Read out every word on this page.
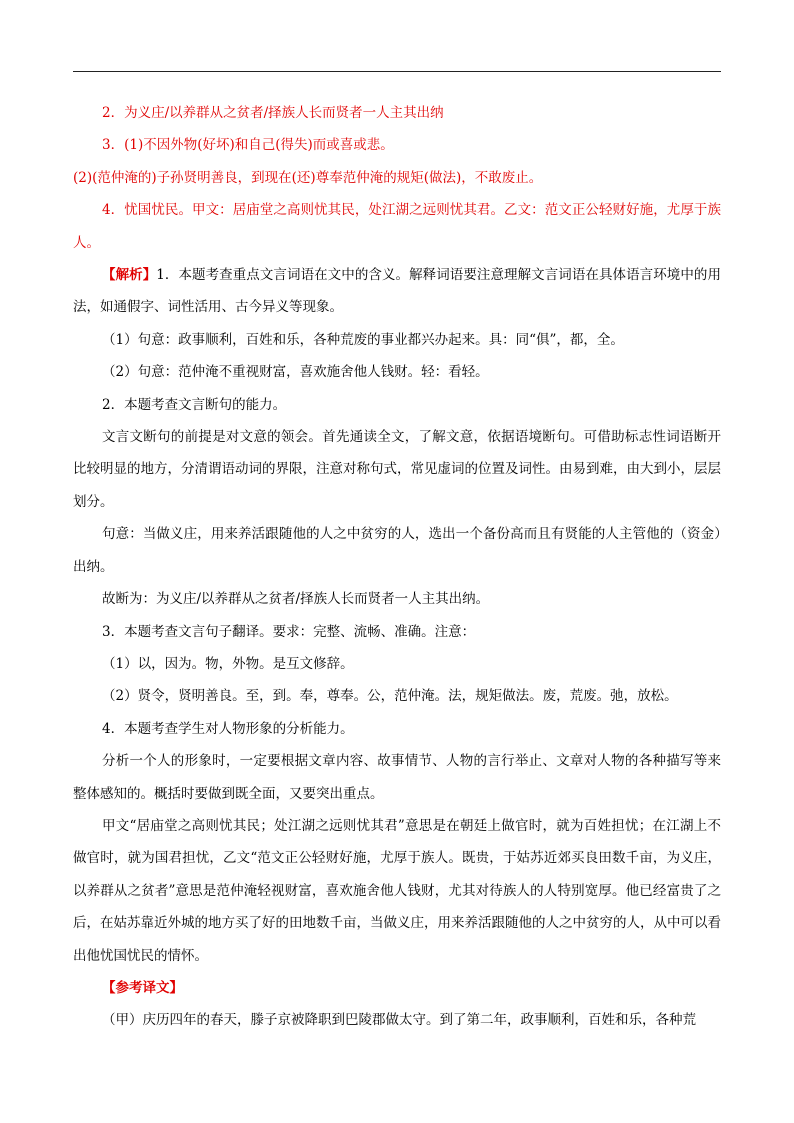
2．为义庄/以养群从之贫者/择族人长而贤者一人主其出纳

3．(1)不因外物(好坏)和自己(得失)而或喜或悲。

(2)(范仲淹的)子孙贤明善良，到现在(还)尊奉范仲淹的规矩(做法)，不敢废止。

4．忧国忧民。甲文：居庙堂之高则忧其民，处江湖之远则忧其君。乙文：范文正公轻财好施，尤厚于族人。

【解析】1．本题考查重点文言词语在文中的含义。解释词语要注意理解文言词语在具体语言环境中的用法，如通假字、词性活用、古今异义等现象。

（1）句意：政事顺利，百姓和乐，各种荒废的事业都兴办起来。具：同“俱”，都，全。

（2）句意：范仲淹不重视财富，喜欢施舍他人钱财。轻：看轻。

2．本题考查文言断句的能力。

文言文断句的前提是对文意的领会。首先通读全文，了解文意，依据语境断句。可借助标志性词语断开比较明显的地方，分清谓语动词的界限，注意对称句式，常见虚词的位置及词性。由易到难，由大到小，层层划分。

句意：当做义庄，用来养活跟随他的人之中贫穷的人，选出一个备份高而且有贤能的人主管他的（资金）出纳。

故断为：为义庄/以养群从之贫者/择族人长而贤者一人主其出纳。

3．本题考查文言句子翻译。要求：完整、流畅、准确。注意：

（1）以，因为。物，外物。是互文修辞。

（2）贤令，贤明善良。至，到。奉，尊奉。公，范仲淹。法，规矩做法。废，荒废。弛，放松。

4．本题考查学生对人物形象的分析能力。

分析一个人的形象时，一定要根据文章内容、故事情节、人物的言行举止、文章对人物的各种描写等来整体感知的。概括时要做到既全面，又要突出重点。

甲文“居庙堂之高则忧其民；处江湖之远则忧其君”意思是在朝廷上做官时，就为百姓担忧；在江湖上不做官时，就为国君担忧，乙文“范文正公轻财好施，尤厚于族人。既贵，于姑苏近郊买良田数千亩，为义庄，以养群从之贫者”意思是范仲淹轻视财富，喜欢施舍他人钱财，尤其对待族人的人特别宽厚。他已经富贵了之后，在姑苏靠近外城的地方买了好的田地数千亩，当做义庄，用来养活跟随他的人之中贫穷的人，从中可以看出他忧国忧民的情怀。

【参考译文】

（甲）庆历四年的春天，滕子京被降职到巴陵郡做太守。到了第二年，政事顺利，百姓和乐，各种荒
